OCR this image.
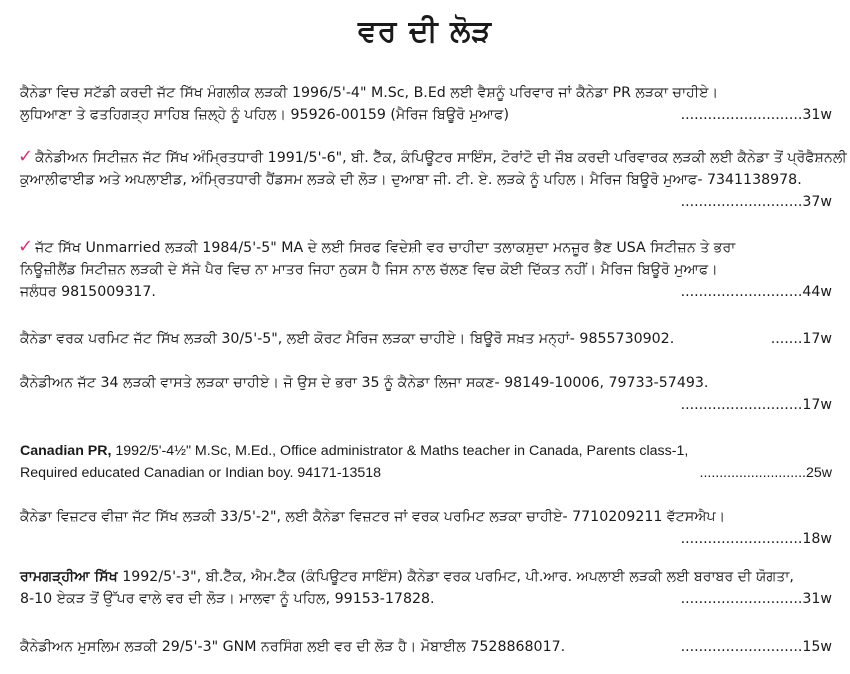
ਵਰ ਦੀ ਲੋੜ
ਕੈਨੇਡਾ ਵਿਚ ਸਟੱਡੀ ਕਰਦੀ ਜੱਟ ਸਿੱਖ ਮੰਗਲੀਕ ਲੜਕੀ 1996/5'-4" M.Sc, B.Ed ਲਈ ਵੈਸ਼ਨੂੰ ਪਰਿਵਾਰ ਜਾਂ ਕੈਨੇਡਾ PR ਲੜਕਾ ਚਾਹੀਏ।
ਲੁਧਿਆਣਾ ਤੇ ਫਤਹਿਗੜ੍ਹ ਸਾਹਿਬ ਜ਼ਿਲ੍ਹੇ ਨੂੰ ਪਹਿਲ। 95926-00159 (ਮੈਰਿਜ ਬਿਊਰੋ ਮੁਆਫ)	...........................31w
✓ ਕੈਨੇਡੀਅਨ ਸਿਟੀਜ਼ਨ ਜੱਟ ਸਿੱਖ ਅੰਮ੍ਰਿਤਧਾਰੀ 1991/5'-6", ਬੀ. ਟੈੱਕ, ਕੰਪਿਊਟਰ ਸਾਇੰਸ, ਟੋਰਾਂਟੋ ਦੀ ਜੌਬ ਕਰਦੀ ਪਰਿਵਾਰਕ ਲੜਕੀ ਲਈ ਕੈਨੇਡਾ ਤੋਂ ਪ੍ਰੋਫੈਸ਼ਨਲੀ
ਕੁਆਲੀਫਾਈਡ ਅਤੇ ਅਪਲਾਈਡ, ਅੰਮ੍ਰਿਤਧਾਰੀ ਹੈਂਡਸਮ ਲੜਕੇ ਦੀ ਲੋੜ। ਦੁਆਬਾ ਜੀ. ਟੀ. ਏ. ਲੜਕੇ ਨੂੰ ਪਹਿਲ। ਮੈਰਿਜ ਬਿਊਰੋ ਮੁਆਫ- 7341138978.
...........................37w
✓ ਜੱਟ ਸਿੱਖ Unmarried ਲੜਕੀ 1984/5'-5" MA ਦੇ ਲਈ ਸਿਰਫ ਵਿਦੇਸ਼ੀ ਵਰ ਚਾਹੀਦਾ ਤਲਾਕਸ਼ੁਦਾ ਮਨਜ਼ੂਰ ਭੈਣ USA ਸਿਟੀਜ਼ਨ ਤੇ ਭਰਾ
ਨਿਊਜ਼ੀਲੈਂਡ ਸਿਟੀਜ਼ਨ ਲੜਕੀ ਦੇ ਸੱਜੇ ਪੈਰ ਵਿਚ ਨਾ ਮਾਤਰ ਜਿਹਾ ਨੁਕਸ ਹੈ ਜਿਸ ਨਾਲ ਚੱਲਣ ਵਿਚ ਕੋਈ ਦਿੱਕਤ ਨਹੀਂ। ਮੈਰਿਜ ਬਿਊਰੋ ਮੁਆਫ।
ਜਲੰਧਰ 9815009317.	...........................44w
ਕੈਨੇਡਾ ਵਰਕ ਪਰਮਿਟ ਜੱਟ ਸਿੱਖ ਲੜਕੀ 30/5'-5", ਲਈ ਕੋਰਟ ਮੈਰਿਜ ਲੜਕਾ ਚਾਹੀਏ। ਬਿਊਰੋ ਸਖ਼ਤ ਮਨ੍ਹਾਂ- 9855730902.	.......17w
ਕੈਨੇਡੀਅਨ ਜੱਟ 34 ਲੜਕੀ ਵਾਸਤੇ ਲੜਕਾ ਚਾਹੀਏ। ਜੋ ਉਸ ਦੇ ਭਰਾ 35 ਨੂੰ ਕੈਨੇਡਾ ਲਿਜਾ ਸਕਣ- 98149-10006, 79733-57493.
...........................17w
Canadian PR, 1992/5'-4½" M.Sc, M.Ed., Office administrator & Maths teacher in Canada, Parents class-1,
Required educated Canadian or Indian boy. 94171-13518	...........................25w
ਕੈਨੇਡਾ ਵਿਜ਼ਟਰ ਵੀਜ਼ਾ ਜੱਟ ਸਿੱਖ ਲੜਕੀ 33/5'-2", ਲਈ ਕੈਨੇਡਾ ਵਿਜ਼ਟਰ ਜਾਂ ਵਰਕ ਪਰਮਿਟ ਲੜਕਾ ਚਾਹੀਏ- 7710209211 ਵੱਟਸਐਪ।
...........................18w
ਰਾਮਗੜ੍ਹੀਆ ਸਿੱਖ 1992/5'-3", ਬੀ.ਟੈੱਕ, ਐਮ.ਟੈੱਕ (ਕੰਪਿਊਟਰ ਸਾਇੰਸ) ਕੈਨੇਡਾ ਵਰਕ ਪਰਮਿਟ, ਪੀ.ਆਰ. ਅਪਲਾਈ ਲੜਕੀ ਲਈ ਬਰਾਬਰ ਦੀ ਯੋਗਤਾ,
8-10 ਏਕੜ ਤੋਂ ਉੱਪਰ ਵਾਲੇ ਵਰ ਦੀ ਲੋੜ। ਮਾਲਵਾ ਨੂੰ ਪਹਿਲ, 99153-17828.	...........................31w
ਕੈਨੇਡੀਅਨ ਮੁਸਲਿਮ ਲੜਕੀ 29/5'-3" GNM ਨਰਸਿੰਗ ਲਈ ਵਰ ਦੀ ਲੋੜ ਹੈ। ਮੋਬਾਈਲ 7528868017.	...........................15w
